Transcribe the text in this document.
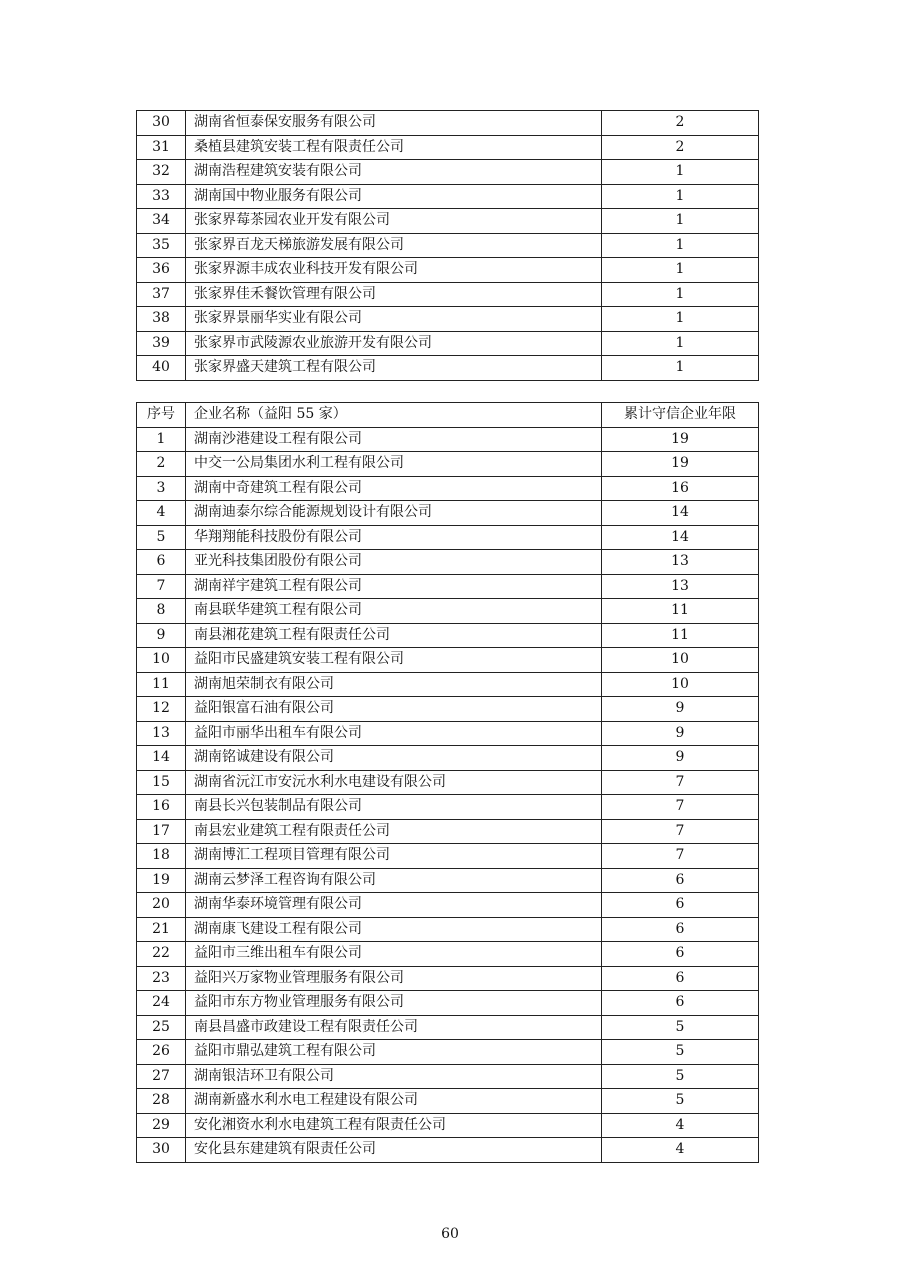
30	湖南省恒泰保安服务有限公司	2
31	桑植县建筑安装工程有限责任公司	2
32	湖南浩程建筑安装有限公司	1
33	湖南国中物业服务有限公司	1
34	张家界莓茶园农业开发有限公司	1
35	张家界百龙天梯旅游发展有限公司	1
36	张家界源丰成农业科技开发有限公司	1
37	张家界佳禾餐饮管理有限公司	1
38	张家界景丽华实业有限公司	1
39	张家界市武陵源农业旅游开发有限公司	1
40	张家界盛天建筑工程有限公司	1
序号	企业名称（益阳 55 家）	累计守信企业年限
1	湖南沙港建设工程有限公司	19
2	中交一公局集团水利工程有限公司	19
3	湖南中奇建筑工程有限公司	16
4	湖南迪泰尔综合能源规划设计有限公司	14
5	华翔翔能科技股份有限公司	14
6	亚光科技集团股份有限公司	13
7	湖南祥宇建筑工程有限公司	13
8	南县联华建筑工程有限公司	11
9	南县湘花建筑工程有限责任公司	11
10	益阳市民盛建筑安装工程有限公司	10
11	湖南旭荣制衣有限公司	10
12	益阳银富石油有限公司	9
13	益阳市丽华出租车有限公司	9
14	湖南铭诚建设有限公司	9
15	湖南省沅江市安沅水利水电建设有限公司	7
16	南县长兴包装制品有限公司	7
17	南县宏业建筑工程有限责任公司	7
18	湖南博汇工程项目管理有限公司	7
19	湖南云梦泽工程咨询有限公司	6
20	湖南华泰环境管理有限公司	6
21	湖南康飞建设工程有限公司	6
22	益阳市三维出租车有限公司	6
23	益阳兴万家物业管理服务有限公司	6
24	益阳市东方物业管理服务有限公司	6
25	南县昌盛市政建设工程有限责任公司	5
26	益阳市鼎弘建筑工程有限公司	5
27	湖南银洁环卫有限公司	5
28	湖南新盛水利水电工程建设有限公司	5
29	安化湘资水利水电建筑工程有限责任公司	4
30	安化县东建建筑有限责任公司	4
60
